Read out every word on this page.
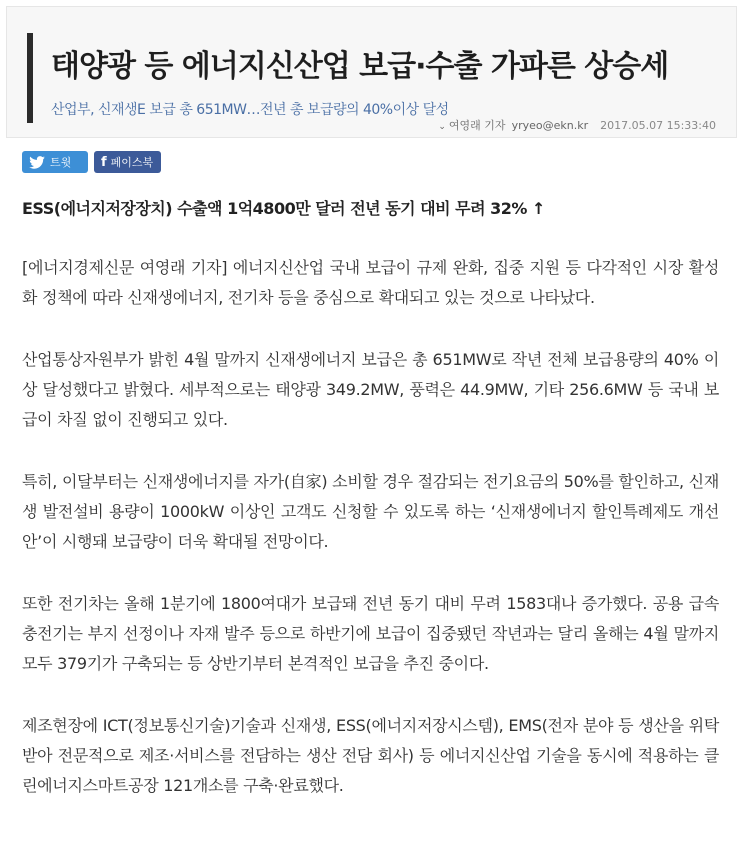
태양광 등 에너지신산업 보급·수출 가파른 상승세
산업부, 신재생E 보급 총 651MW…전년 총 보급량의 40%이상 달성
⌄ 여영래 기자 yryeo@ekn.kr 2017.05.07 15:33:40
트윗 f 페이스북

ESS(에너지저장장치) 수출액 1억4800만 달러 전년 동기 대비 무려 32% ↑

[에너지경제신문 여영래 기자] 에너지신산업 국내 보급이 규제 완화, 집중 지원 등 다각적인 시장 활성화 정책에 따라 신재생에너지, 전기차 등을 중심으로 확대되고 있는 것으로 나타났다.

산업통상자원부가 밝힌 4월 말까지 신재생에너지 보급은 총 651MW로 작년 전체 보급용량의 40% 이상 달성했다고 밝혔다. 세부적으로는 태양광 349.2MW, 풍력은 44.9MW, 기타 256.6MW 등 국내 보급이 차질 없이 진행되고 있다.

특히, 이달부터는 신재생에너지를 자가(自家) 소비할 경우 절감되는 전기요금의 50%를 할인하고, 신재생 발전설비 용량이 1000kW 이상인 고객도 신청할 수 있도록 하는 ‘신재생에너지 할인특례제도 개선안’이 시행돼 보급량이 더욱 확대될 전망이다.

또한 전기차는 올해 1분기에 1800여대가 보급돼 전년 동기 대비 무려 1583대나 증가했다. 공용 급속충전기는 부지 선정이나 자재 발주 등으로 하반기에 보급이 집중됐던 작년과는 달리 올해는 4월 말까지 모두 379기가 구축되는 등 상반기부터 본격적인 보급을 추진 중이다.

제조현장에 ICT(정보통신기술)기술과 신재생, ESS(에너지저장시스템), EMS(전자 분야 등 생산을 위탁받아 전문적으로 제조·서비스를 전담하는 생산 전담 회사) 등 에너지신산업 기술을 동시에 적용하는 클린에너지스마트공장 121개소를 구축·완료했다.
